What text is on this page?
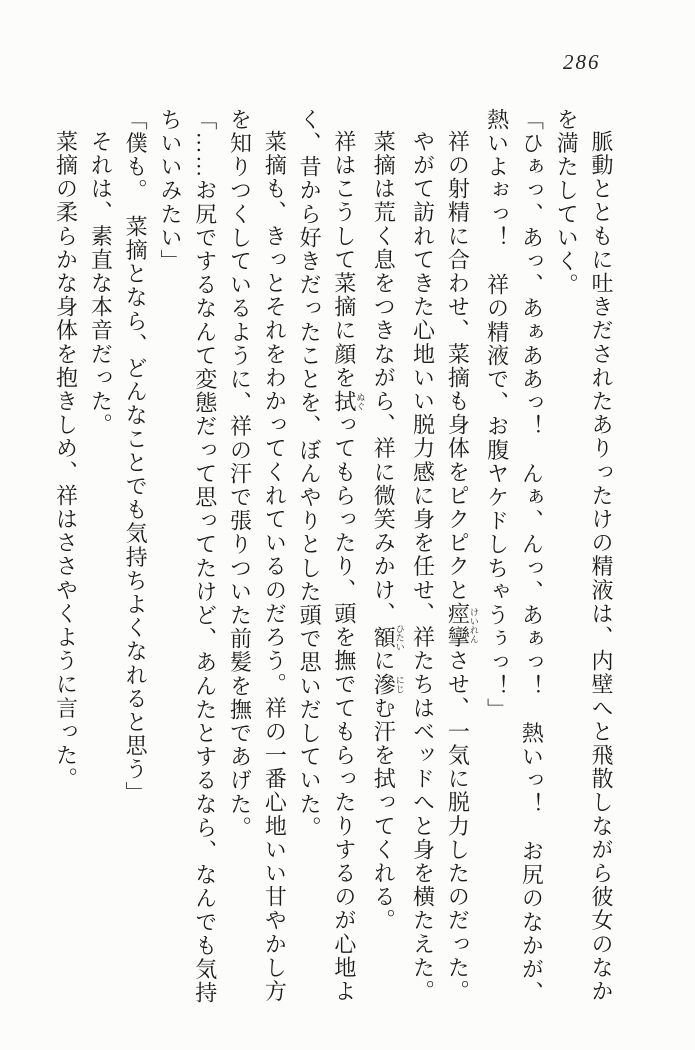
286

脈動とともに吐きだされたありったけの精液は、内壁へと飛散しながら彼女のなか

を満たしていく。

「ひぁっ、あっ、あぁああっ！　んぁ、んっ、あぁっ！　熱いっ！　お尻のなかが、

熱いよぉっ！　祥の精液で、お腹ヤケドしちゃうぅっ！」

祥の射精に合わせ、菜摘も身体をピクピクと痙攣けいれんさせ、一気に脱力したのだった。

やがて訪れてきた心地いい脱力感に身を任せ、祥たちはベッドへと身を横たえた。

菜摘は荒く息をつきながら、祥に微笑みかけ、額ひたいに滲にじむ汗を拭ってくれる。

祥はこうして菜摘に顔を拭ぬぐってもらったり、頭を撫でてもらったりするのが心地よ

く、昔から好きだったことを、ぼんやりとした頭で思いだしていた。

菜摘も、きっとそれをわかってくれているのだろう。祥の一番心地いい甘やかし方

を知りつくしているように、祥の汗で張りついた前髪を撫であげた。

「……お尻でするなんて変態だって思ってたけど、あんたとするなら、なんでも気持

ちいいみたい」

「僕も。　菜摘となら、どんなことでも気持ちよくなれると思う」

それは、素直な本音だった。

菜摘の柔らかな身体を抱きしめ、祥はささやくように言った。
